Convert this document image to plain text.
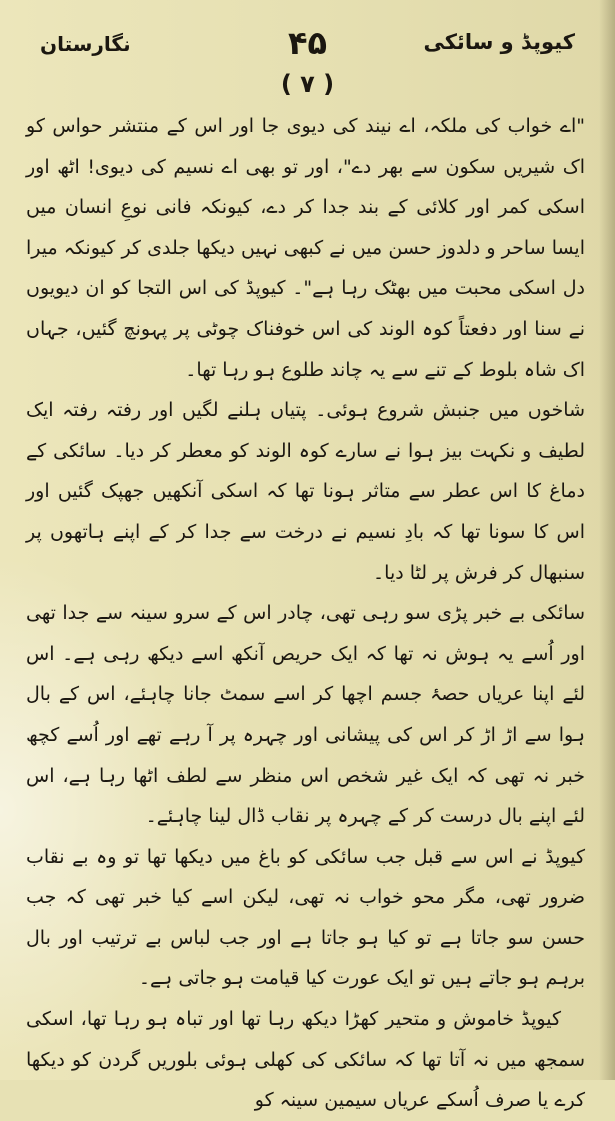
کیوپڈ و سائکی
۴۵
نگارستان
( ۷ )

"اے خواب کی ملکہ، اے نیند کی دیوی جا اور اس کے منتشر حواس کو اک شیریں سکون سے بھر دے"، اور تو بھی اے نسیم کی دیوی! اٹھ اور اسکی کمر اور کلائی کے بند جدا کر دے، کیونکہ فانی نوعِ انسان میں ایسا ساحر و دلدوز حسن میں نے کبھی نہیں دیکھا جلدی کر کیونکہ میرا دل اسکی محبت میں بھٹک رہا ہے"۔ کیوپڈ کی اس التجا کو ان دیویوں نے سنا اور دفعتاً کوہ الوند کی اس خوفناک چوٹی پر پہونچ گئیں، جہاں اک شاہ بلوط کے تنے سے یہ چاند طلوع ہو رہا تھا۔

شاخوں میں جنبش شروع ہوئی۔ پتیاں ہلنے لگیں اور رفتہ رفتہ ایک لطیف و نکہت بیز ہوا نے سارے کوہ الوند کو معطر کر دیا۔ سائکی کے دماغ کا اس عطر سے متاثر ہونا تھا کہ اسکی آنکھیں جھپک گئیں اور اس کا سونا تھا کہ بادِ نسیم نے درخت سے جدا کر کے اپنے ہاتھوں پر سنبھال کر فرش پر لٹا دیا۔

سائکی بے خبر پڑی سو رہی تھی، چادر اس کے سرو سینہ سے جدا تھی اور اُسے یہ ہوش نہ تھا کہ ایک حریص آنکھ اسے دیکھ رہی ہے۔ اس لئے اپنا عریاں حصۂ جسم اچھا کر اسے سمٹ جانا چاہئے، اس کے بال ہوا سے اڑ اڑ کر اس کی پیشانی اور چہرہ پر آ رہے تھے اور اُسے کچھ خبر نہ تھی کہ ایک غیر شخص اس منظر سے لطف اٹھا رہا ہے، اس لئے اپنے بال درست کر کے چہرہ پر نقاب ڈال لینا چاہئے۔

کیوپڈ نے اس سے قبل جب سائکی کو باغ میں دیکھا تھا تو وہ بے نقاب ضرور تھی، مگر محو خواب نہ تھی، لیکن اسے کیا خبر تھی کہ جب حسن سو جاتا ہے تو کیا ہو جاتا ہے اور جب لباس بے ترتیب اور بال برہم ہو جاتے ہیں تو ایک عورت کیا قیامت ہو جاتی ہے۔

کیوپڈ خاموش و متحیر کھڑا دیکھ رہا تھا اور تباہ ہو رہا تھا، اسکی سمجھ میں نہ آتا تھا کہ سائکی کی کھلی ہوئی بلوریں گردن کو دیکھا کرے یا صرف اُسکے عریاں سیمین سینہ کو
